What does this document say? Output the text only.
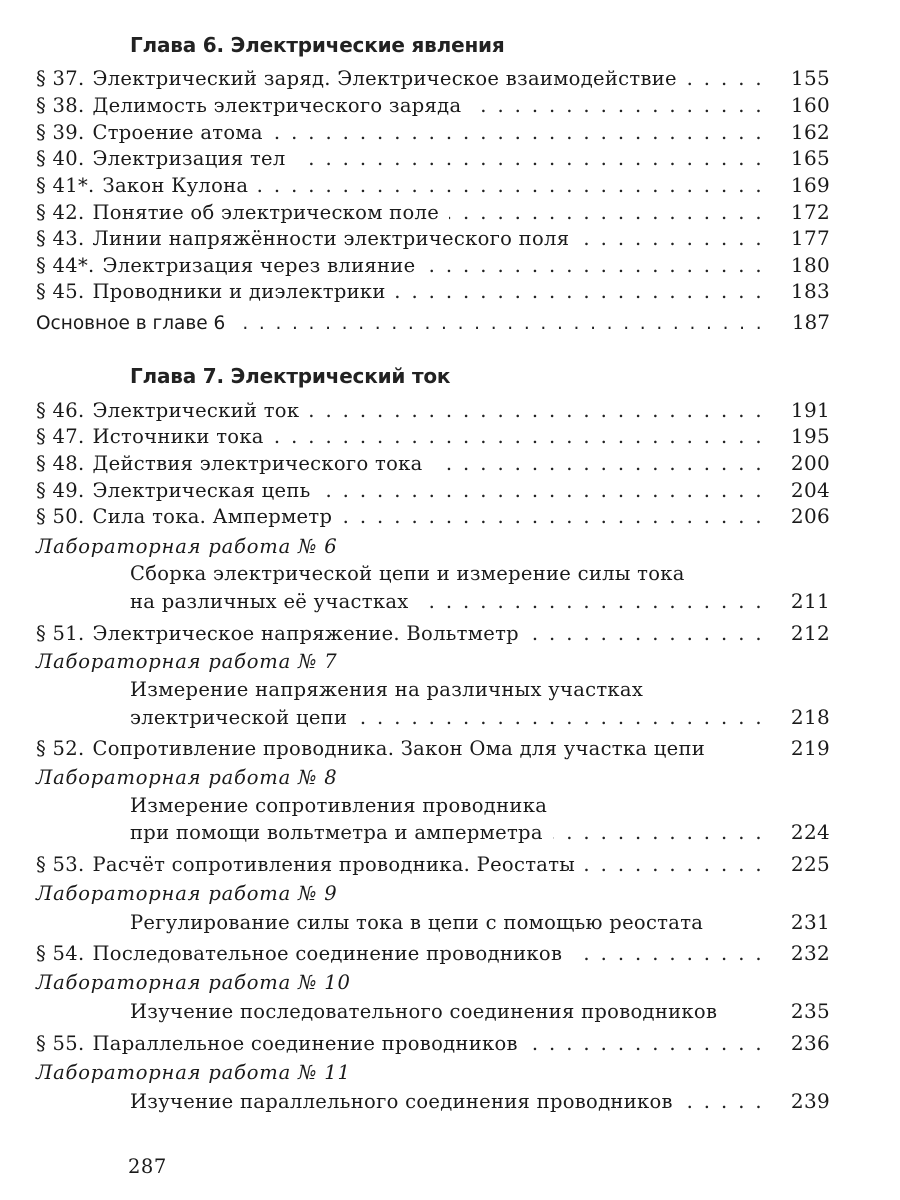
Глава 6. Электрические явления
§ 37. Электрический заряд. Электрическое взаимодействие . . .	155
§ 38. Делимость электрического заряда . . .	160
§ 39. Строение атома . . .	162
§ 40. Электризация тел . . .	165
§ 41*. Закон Кулона . . .	169
§ 42. Понятие об электрическом поле . . .	172
§ 43. Линии напряжённости электрического поля . . .	177
§ 44*. Электризация через влияние . . .	180
§ 45. Проводники и диэлектрики . . .	183
Основное в главе 6 . . .	187
Глава 7. Электрический ток
§ 46. Электрический ток . . .	191
§ 47. Источники тока . . .	195
§ 48. Действия электрического тока . . .	200
§ 49. Электрическая цепь . . .	204
§ 50. Сила тока. Амперметр . . .	206
Лабораторная работа № 6
Сборка электрической цепи и измерение силы тока
на различных её участках . . .	211
§ 51. Электрическое напряжение. Вольтметр . . .	212
Лабораторная работа № 7
Измерение напряжения на различных участках
электрической цепи . . .	218
§ 52. Сопротивление проводника. Закон Ома для участка цепи	219
Лабораторная работа № 8
Измерение сопротивления проводника
при помощи вольтметра и амперметра . . .	224
§ 53. Расчёт сопротивления проводника. Реостаты . . .	225
Лабораторная работа № 9
Регулирование силы тока в цепи с помощью реостата	231
§ 54. Последовательное соединение проводников . . .	232
Лабораторная работа № 10
Изучение последовательного соединения проводников	235
§ 55. Параллельное соединение проводников . . .	236
Лабораторная работа № 11
Изучение параллельного соединения проводников . . .	239
287
